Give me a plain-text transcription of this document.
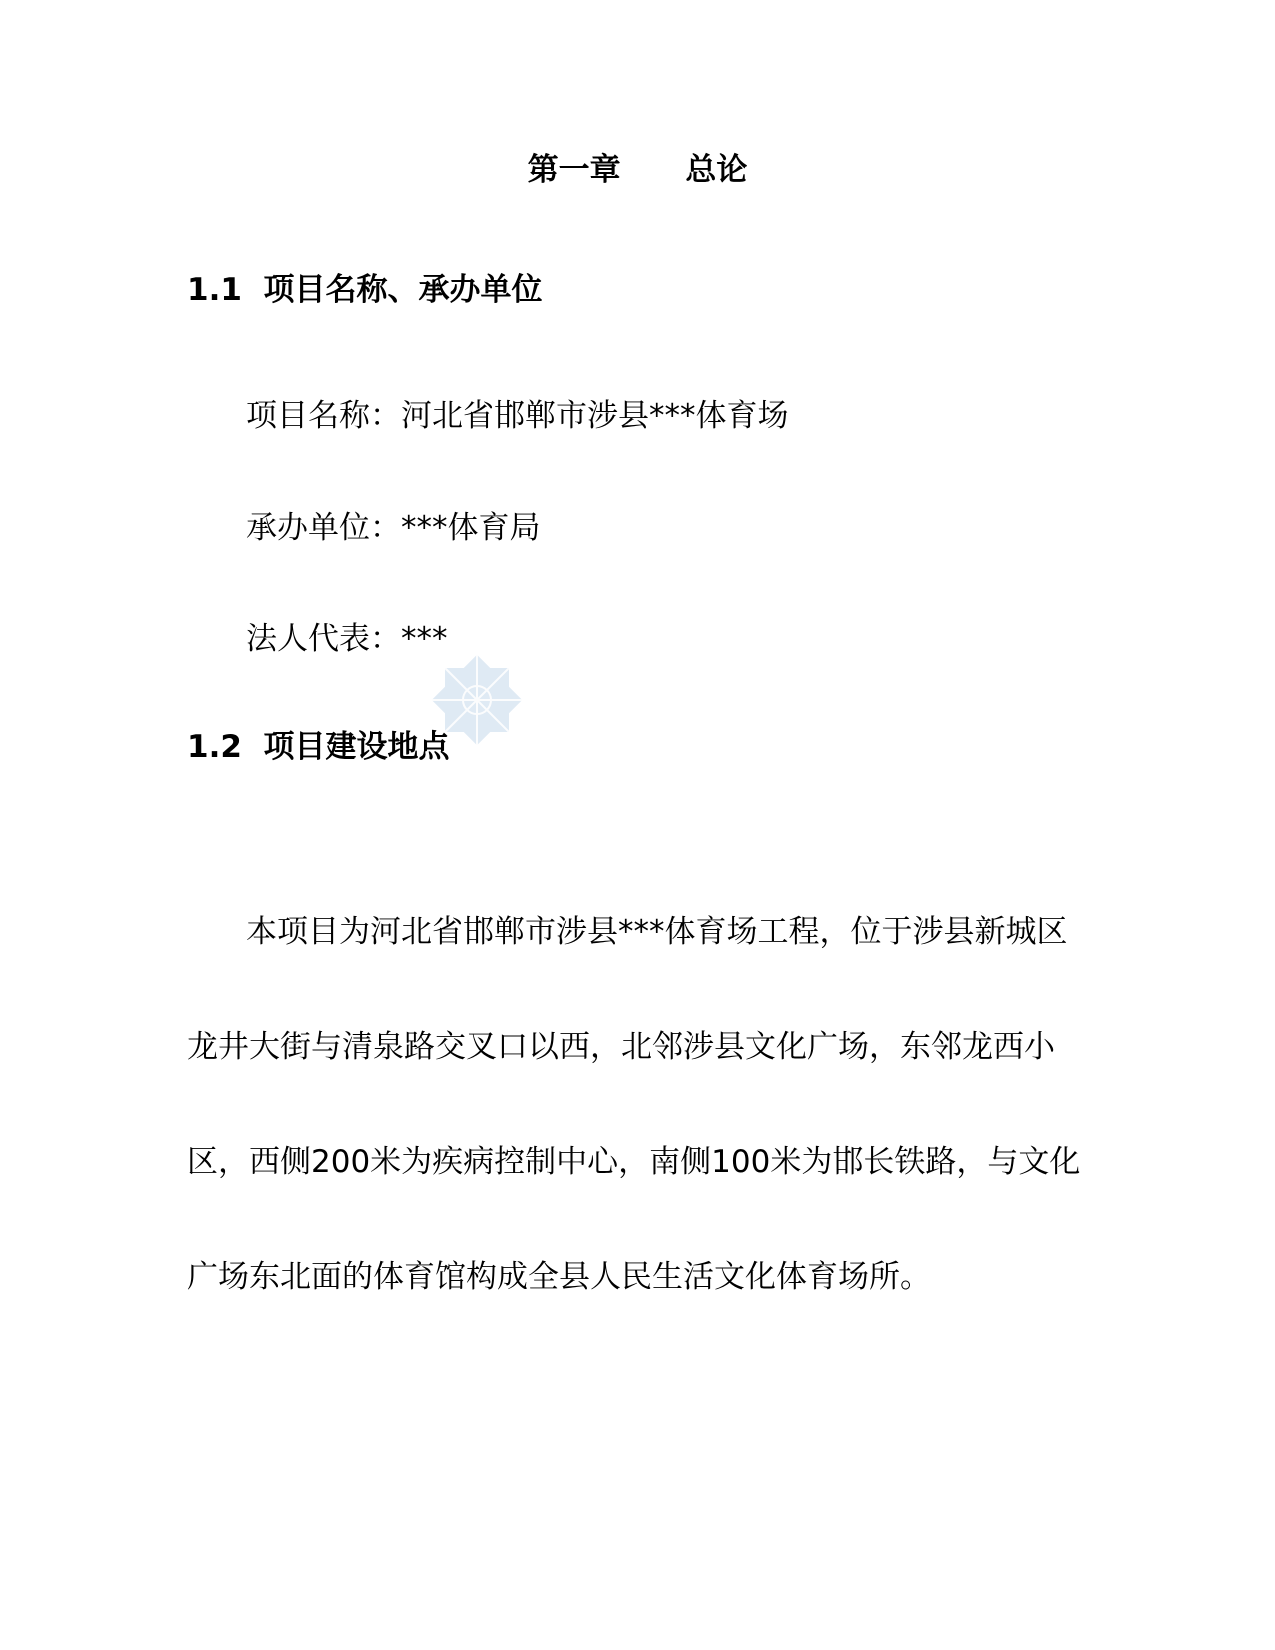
第一章      总论
1.1  项目名称、承办单位
项目名称：河北省邯郸市涉县***体育场
承办单位：***体育局
法人代表：***
1.2  项目建设地点

本项目为河北省邯郸市涉县***体育场工程，位于涉县新城区龙井大街与清泉路交叉口以西，北邻涉县文化广场，东邻龙西小区，西侧200米为疾病控制中心，南侧100米为邯长铁路，与文化广场东北面的体育馆构成全县人民生活文化体育场所。
